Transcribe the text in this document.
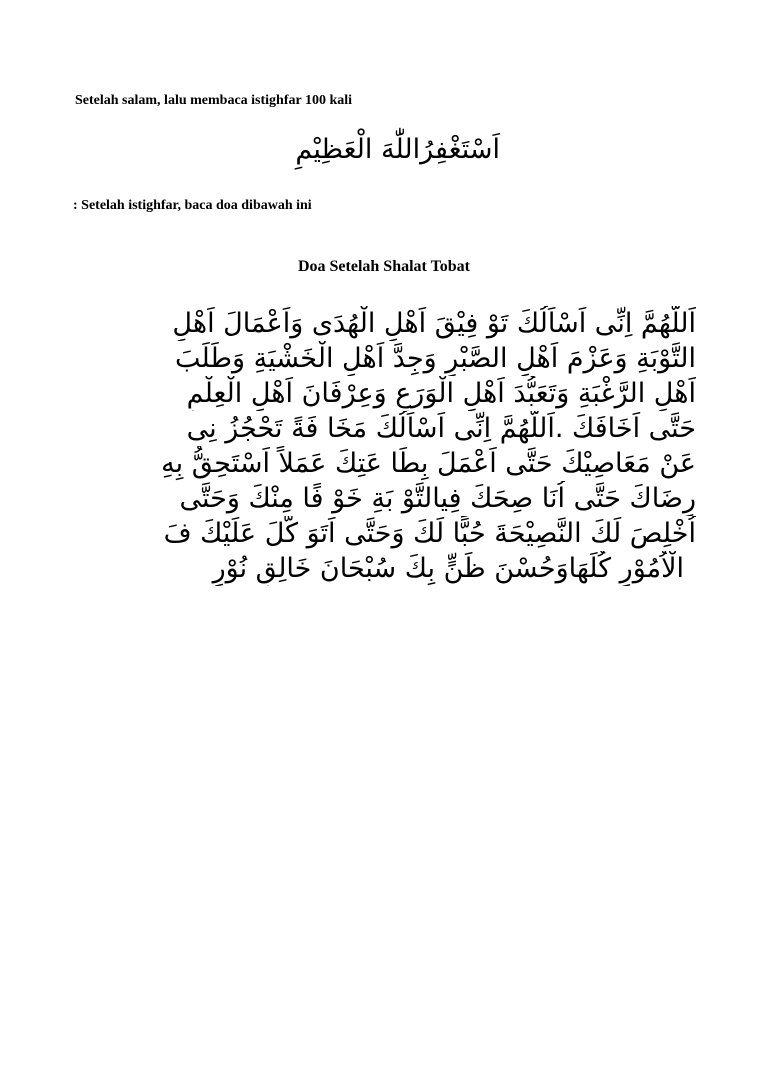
Setelah salam, lalu membaca istighfar 100 kali
اَسْتَغْفِرُاللّٰهَ الْعَظِيْمِ
: Setelah istighfar, baca doa dibawah ini
Doa Setelah Shalat Tobat
اَللَّهُمَّ اِنِّى اَسْاَلُكَ تَوْ فِيْقَ اَهْلِ الْهُدَى وَاَعْمَالَ اَهْلِ
التَّوْبَةِ وَعَزْمَ اَهْلِ الصَّبْرِ وَجِدَّ اَهْلِ الْخَشْيَةِ وَطَلَبَ
اَهْلِ الرَّغْبَةِ وَتَعَبُّدَ اَهْلِ الْوَرَعِ وَعِرْفَانَ اَهْلِ الْعِلْمِ
حَتَّى اَخَافَكَ .اَللَّهُمَّ اِنِّى اَسْاَلُكَ مَخَا فَةً تَحْجُزُ نِى
عَنْ مَعَاصِيْكَ حَتَّى اَعْمَلَ بِطَا عَتِكَ عَمَلاً اَسْتَحِقُّ بِهِ
رِضَاكَ حَتَّى اُنَا صِحَكَ فِيالتَّوْ بَةِ خَوْ فًا مِنْكَ وَحَتَّى
اُخْلِصَ لَكَ النَّصِيْحَةَ حُبًّا لَكَ وَحَتَّى اَتَوَ كَّلَ عَلَيْكَ فَ
الْاُمُوْرِ كُلِّهَاوَحُسْنَ ظَنٍّ بِكَ سُبْحَانَ خَالِقِ نُوْرٍ
